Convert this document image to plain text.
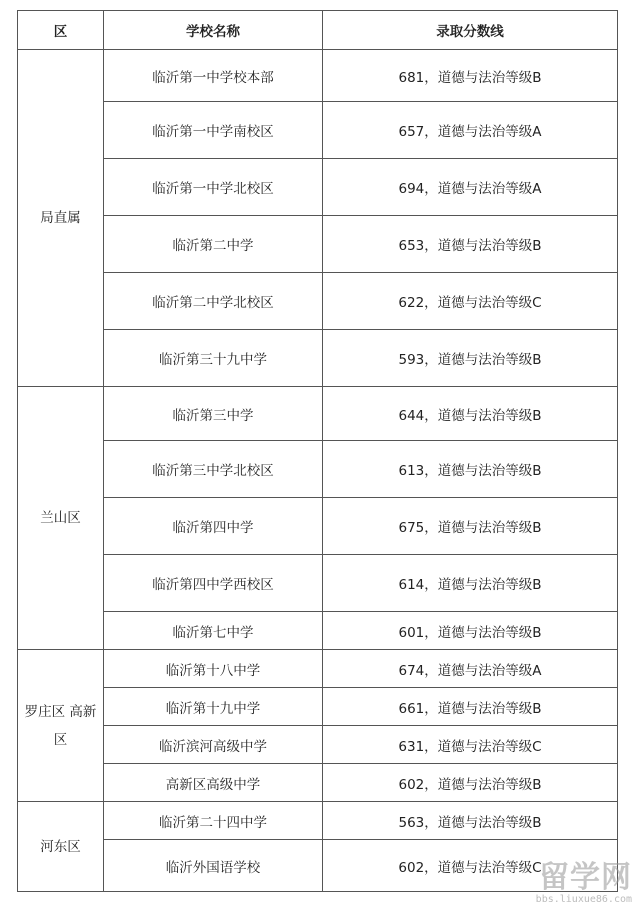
区	学校名称	录取分数线
局直属	临沂第一中学校本部	681，道德与法治等级B
	临沂第一中学南校区	657，道德与法治等级A
	临沂第一中学北校区	694，道德与法治等级A
	临沂第二中学	653，道德与法治等级B
	临沂第二中学北校区	622，道德与法治等级C
	临沂第三十九中学	593，道德与法治等级B
兰山区	临沂第三中学	644，道德与法治等级B
	临沂第三中学北校区	613，道德与法治等级B
	临沂第四中学	675，道德与法治等级B
	临沂第四中学西校区	614，道德与法治等级B
	临沂第七中学	601，道德与法治等级B
罗庄区 高新区	临沂第十八中学	674，道德与法治等级A
	临沂第十九中学	661，道德与法治等级B
	临沂滨河高级中学	631，道德与法治等级C
	高新区高级中学	602，道德与法治等级B
河东区	临沂第二十四中学	563，道德与法治等级B
	临沂外国语学校	602，道德与法治等级C
留学网
bbs.liuxue86.com
